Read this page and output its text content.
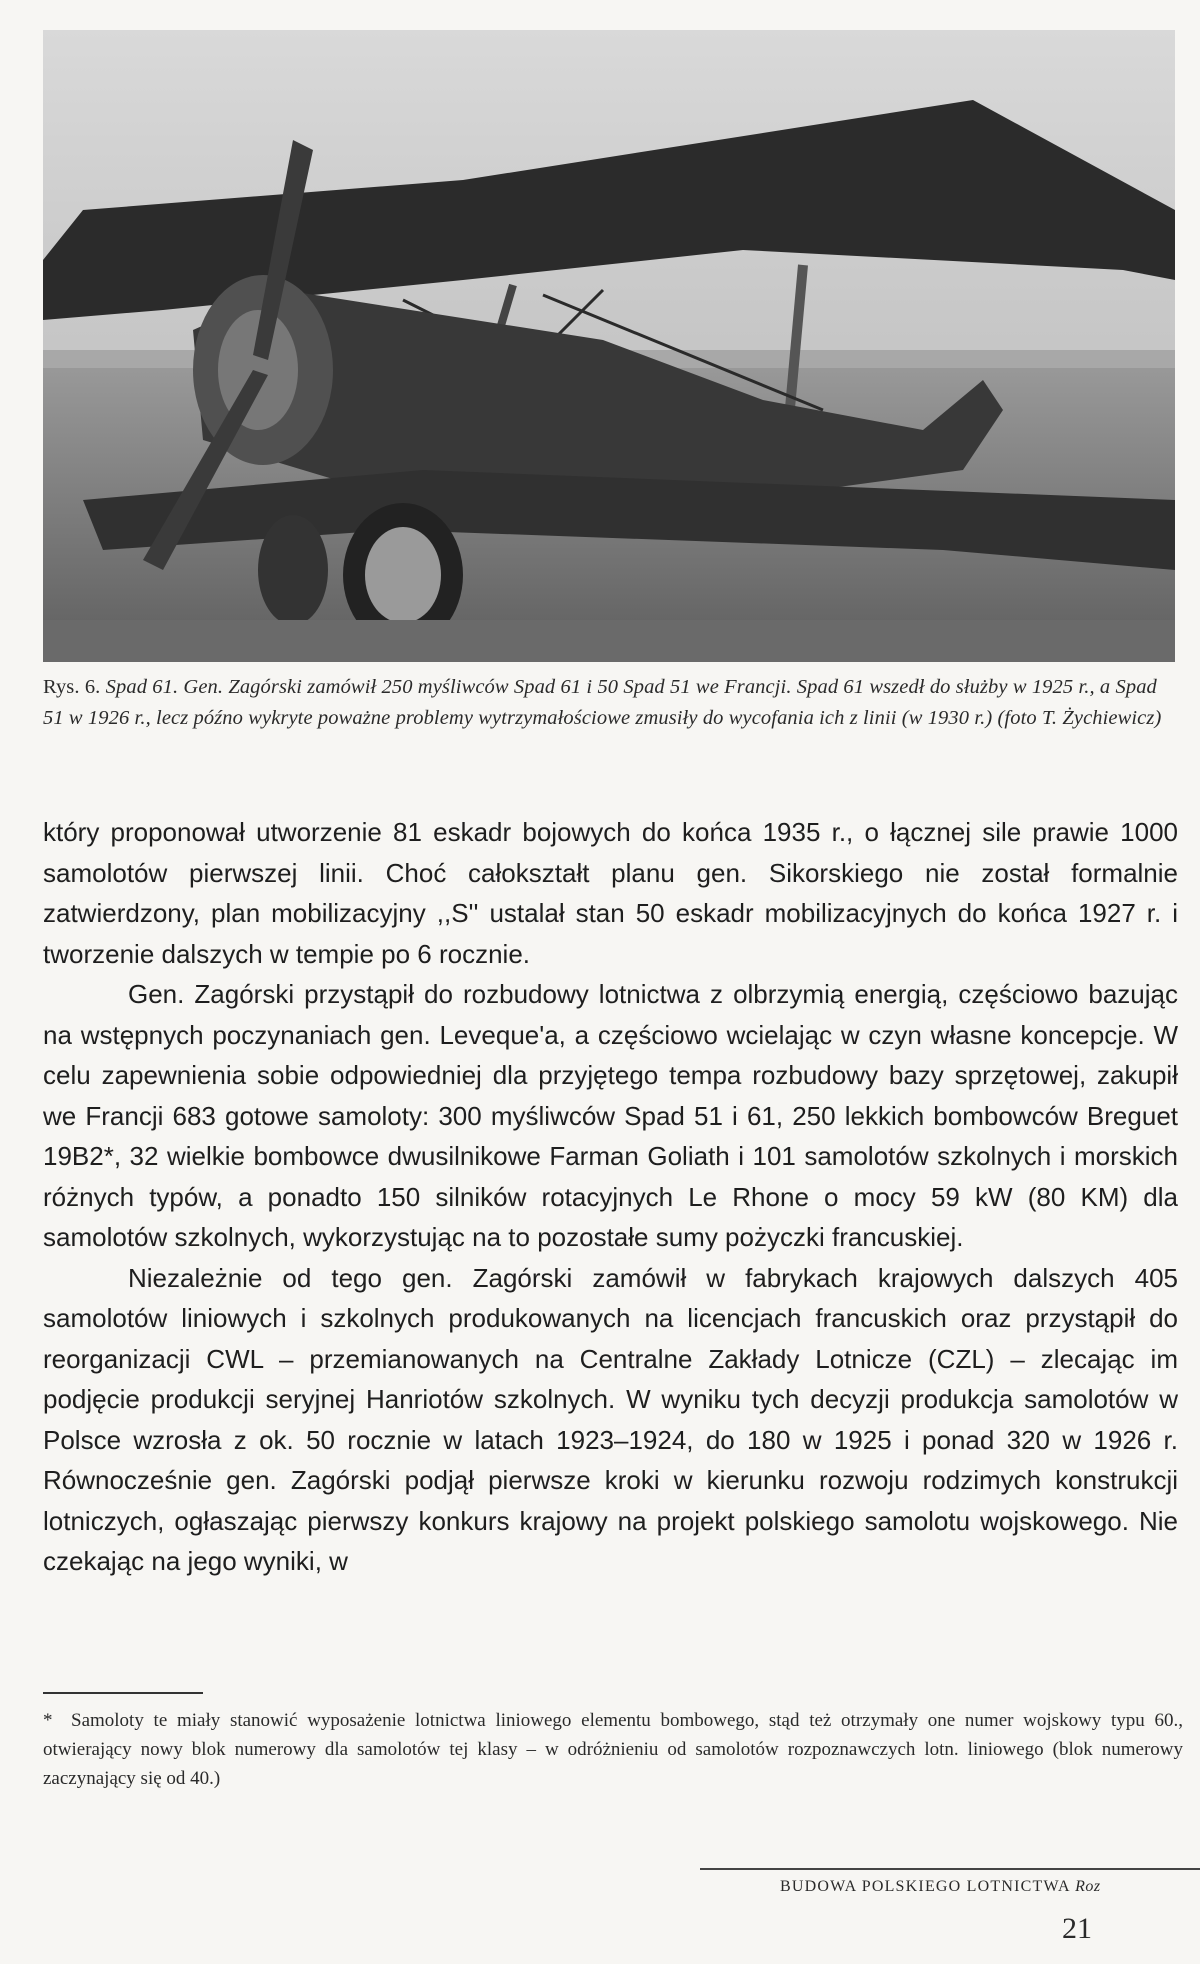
Rys. 6. Spad 61. Gen. Zagórski zamówił 250 myśliwców Spad 61 i 50 Spad 51 we Francji. Spad 61 wszedł do służby w 1925 r., a Spad 51 w 1926 r., lecz późno wykryte poważne problemy wytrzymałościowe zmusiły do wycofania ich z linii (w 1930 r.) (foto T. Żychiewicz)

który proponował utworzenie 81 eskadr bojowych do końca 1935 r., o łącznej sile prawie 1000 samolotów pierwszej linii. Choć całokształt planu gen. Sikorskiego nie został formalnie zatwierdzony, plan mobilizacyjny ,,S'' ustalał stan 50 eskadr mobilizacyjnych do końca 1927 r. i tworzenie dalszych w tempie po 6 rocznie.

Gen. Zagórski przystąpił do rozbudowy lotnictwa z olbrzymią energią, częściowo bazując na wstępnych poczynaniach gen. Leveque'a, a częściowo wcielając w czyn własne koncepcje. W celu zapewnienia sobie odpowiedniej dla przyjętego tempa rozbudowy bazy sprzętowej, zakupił we Francji 683 gotowe samoloty: 300 myśliwców Spad 51 i 61, 250 lekkich bombowców Breguet 19B2*, 32 wielkie bombowce dwusilnikowe Farman Goliath i 101 samolotów szkolnych i morskich różnych typów, a ponadto 150 silników rotacyjnych Le Rhone o mocy 59 kW (80 KM) dla samolotów szkolnych, wykorzystując na to pozostałe sumy pożyczki francuskiej.

Niezależnie od tego gen. Zagórski zamówił w fabrykach krajowych dalszych 405 samolotów liniowych i szkolnych produkowanych na licencjach francuskich oraz przystąpił do reorganizacji CWL – przemianowanych na Centralne Zakłady Lotnicze (CZL) – zlecając im podjęcie produkcji seryjnej Hanriotów szkolnych. W wyniku tych decyzji produkcja samolotów w Polsce wzrosła z ok. 50 rocznie w latach 1923–1924, do 180 w 1925 i ponad 320 w 1926 r. Równocześnie gen. Zagórski podjął pierwsze kroki w kierunku rozwoju rodzimych konstrukcji lotniczych, ogłaszając pierwszy konkurs krajowy na projekt polskiego samolotu wojskowego. Nie czekając na jego wyniki, w

* Samoloty te miały stanowić wyposażenie lotnictwa liniowego elementu bombowego, stąd też otrzymały one numer wojskowy typu 60., otwierający nowy blok numerowy dla samolotów tej klasy – w odróżnieniu od samolotów rozpoznawczych lotn. liniowego (blok numerowy zaczynający się od 40.)
BUDOWA POLSKIEGO LOTNICTWA Roz
21
